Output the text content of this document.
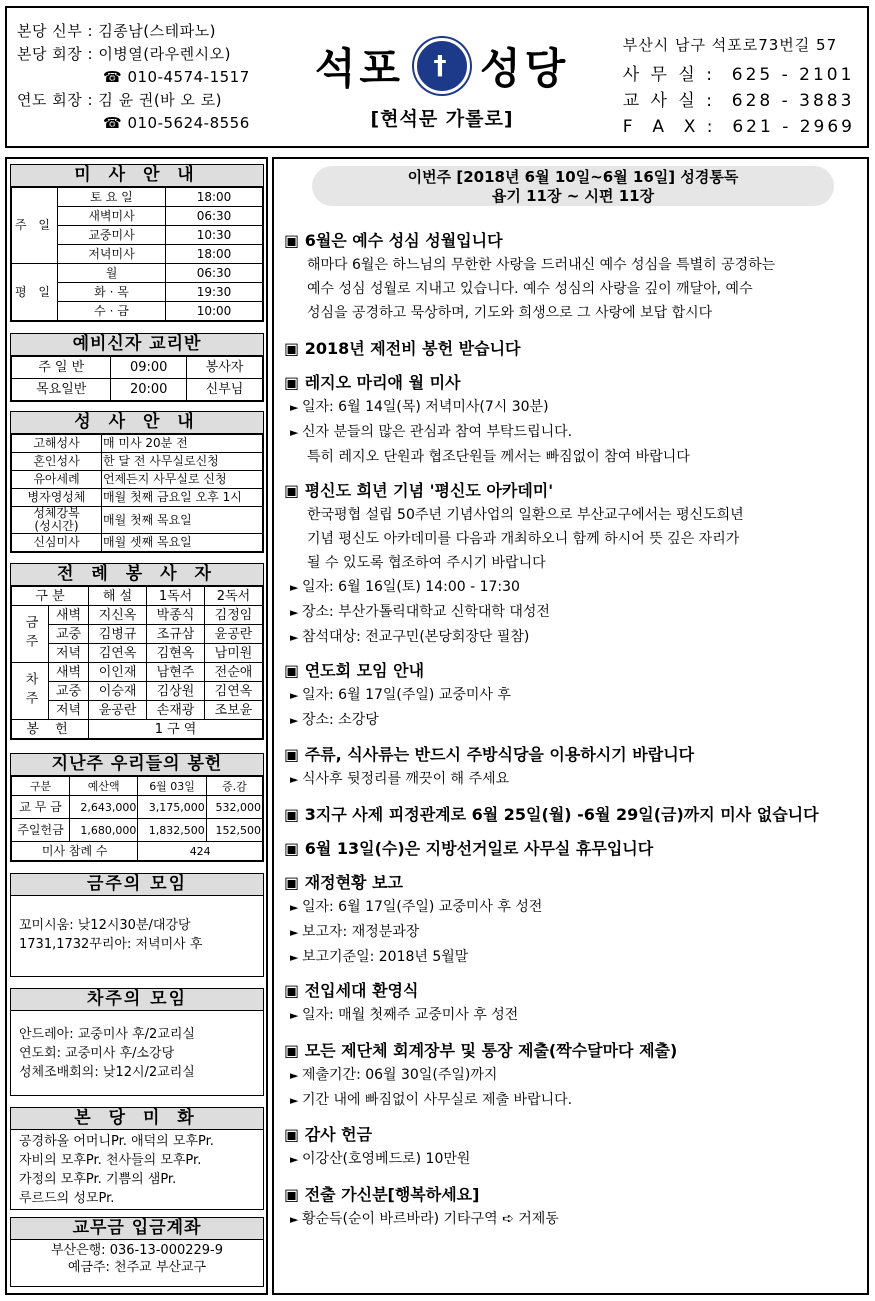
본당 신부 : 김종남(스테파노)
본당 회장 : 이병열(라우렌시오)
☎ 010-4574-1517
연도 회장 : 김 윤 권(바 오 로)
☎ 010-5624-8556
석포 † 성당
[현석문 가롤로]
부산시 남구 석포로73번길 57
사 무 실 :  625 - 2101
교 사 실 :  628 - 3883
F  A  X :  621 - 2969
미 사 안 내
주 일	토 요 일	18:00
	새벽미사	06:30
	교중미사	10:30
	저녁미사	18:00
평 일	월	06:30
	화 · 목	19:30
	수 · 금	10:00
예비신자 교리반
주 일 반	09:00	봉사자
목요일반	20:00	신부님
성 사 안 내
고해성사	매 미사 20분 전
혼인성사	한 달 전 사무실로신청
유아세례	언제든지 사무실로 신청
병자영성체	매월 첫째 금요일 오후 1시
성체강복
(성시간)	매월 첫째 목요일
신심미사	매월 셋째 목요일
전 례 봉 사 자
구 분		해 설	1독서	2독서
금주	새벽	지신옥	박종식	김정임
	교중	김병규	조규삼	윤공란
	저녁	김연옥	김현옥	남미원
차주	새벽	이인재	남현주	전순애
	교중	이승재	김상원	김연옥
	저녁	윤공란	손재광	조보윤
봉 헌		1 구 역		
지난주 우리들의 봉헌
구분	예산액	6월 03일	증.감
교 무 금	2,643,000	3,175,000	532,000
주일헌금	1,680,000	1,832,500	152,500
미사 참례 수		424	
금주의 모임
꼬미시움: 낮12시30분/대강당
1731,1732꾸리아: 저녁미사 후
차주의 모임
안드레아: 교중미사 후/2교리실
연도회: 교중미사 후/소강당
성체조배회의: 낮12시/2교리실
본 당 미 화
공경하올 어머니Pr. 애덕의 모후Pr.
자비의 모후Pr. 천사들의 모후Pr.
가정의 모후Pr. 기쁨의 샘Pr.
루르드의 성모Pr.
교무금 입금계좌
부산은행: 036-13-000229-9
예금주: 천주교 부산교구
이번주 [2018년 6월 10일~6월 16일] 성경통독
욥기 11장 ~ 시편 11장
▣ 6월은 예수 성심 성월입니다
해마다 6월은 하느님의 무한한 사랑을 드러내신 예수 성심을 특별히 공경하는
예수 성심 성월로 지내고 있습니다. 예수 성심의 사랑을 깊이 깨달아, 예수
성심을 공경하고 묵상하며, 기도와 희생으로 그 사랑에 보답 합시다
▣ 2018년 제전비 봉헌 받습니다
▣ 레지오 마리애 월 미사
► 일자: 6월 14일(목) 저녁미사(7시 30분)
► 신자 분들의 많은 관심과 참여 부탁드립니다.
특히 레지오 단원과 협조단원들 께서는 빠짐없이 참여 바랍니다
▣ 평신도 희년 기념 '평신도 아카데미'
한국평협 설립 50주년 기념사업의 일환으로 부산교구에서는 평신도희년
기념 평신도 아카데미를 다음과 개최하오니 함께 하시어 뜻 깊은 자리가
될 수 있도록 협조하여 주시기 바랍니다
► 일자: 6월 16일(토) 14:00 - 17:30
► 장소: 부산가톨릭대학교 신학대학 대성전
► 참석대상: 전교구민(본당회장단 필참)
▣ 연도회 모임 안내
► 일자: 6월 17일(주일) 교중미사 후
► 장소: 소강당
▣ 주류, 식사류는 반드시 주방식당을 이용하시기 바랍니다
► 식사후 뒷정리를 깨끗이 해 주세요
▣ 3지구 사제 피정관계로 6월 25일(월) -6월 29일(금)까지 미사 없습니다
▣ 6월 13일(수)은 지방선거일로 사무실 휴무입니다
▣ 재정현황 보고
► 일자: 6월 17일(주일) 교중미사 후 성전
► 보고자: 재정분과장
► 보고기준일: 2018년 5월말
▣ 전입세대 환영식
► 일자: 매월 첫째주 교중미사 후 성전
▣ 모든 제단체 회계장부 및 통장 제출(짝수달마다 제출)
► 제출기간: 06월 30일(주일)까지
► 기간 내에 빠짐없이 사무실로 제출 바랍니다.
▣ 감사 헌금
► 이강산(호영베드로) 10만원
▣ 전출 가신분[행복하세요]
► 황순득(순이 바르바라) 기타구역 ➪ 거제동
